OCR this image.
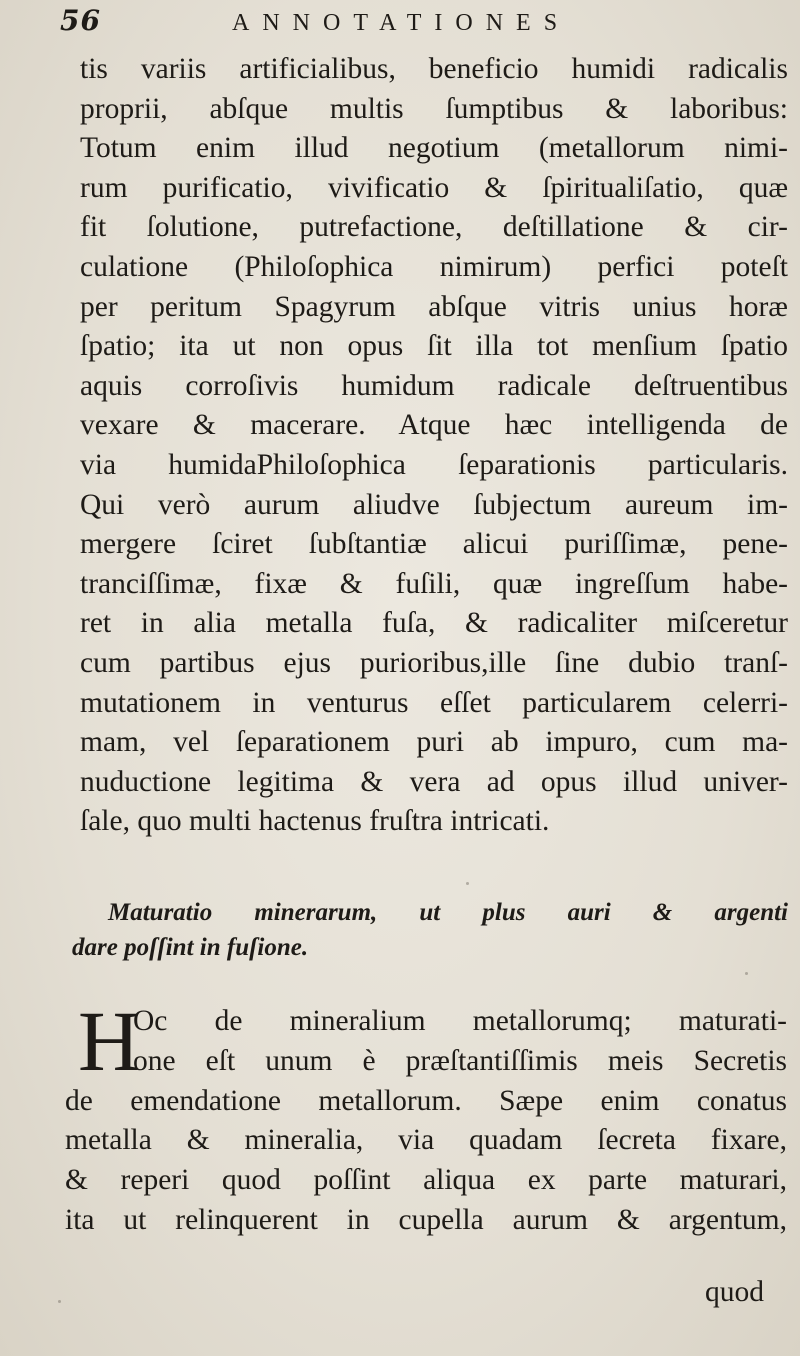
56	ANNOTATIONES
tis variis artificialibus, beneficio humidi radicalis
proprii, abſque multis ſumptibus & laboribus:
Totum enim illud negotium (metallorum nimi-
rum purificatio, vivificatio & ſpiritualiſatio, quæ
fit ſolutione, putrefactione, deſtillatione & cir-
culatione (Philoſophica nimirum) perfici poteſt
per peritum Spagyrum abſque vitris unius horæ
ſpatio; ita ut non opus ſit illa tot menſium ſpatio
aquis corroſivis humidum radicale deſtruentibus
vexare & macerare. Atque hæc intelligenda de
via humidaPhiloſophica ſeparationis particularis.
Qui verò aurum aliudve ſubjectum aureum im-
mergere ſciret ſubſtantiæ alicui puriſſimæ, pene-
tranciſſimæ, fixæ & fuſili, quæ ingreſſum habe-
ret in alia metalla fuſa, & radicaliter miſceretur
cum partibus ejus purioribus,ille ſine dubio tranſ-
mutationem in venturus eſſet particularem celerri-
mam, vel ſeparationem puri ab impuro, cum ma-
nuductione legitima & vera ad opus illud univer-
ſale, quo multi hactenus fruſtra intricati.
Maturatio minerarum, ut plus auri & argenti
dare poſſint in fuſione.
H
Oc de mineralium metallorumq; maturati-
one eſt unum è præſtantiſſimis meis Secretis
de emendatione metallorum. Sæpe enim conatus
metalla & mineralia, via quadam ſecreta fixare,
& reperi quod poſſint aliqua ex parte maturari,
ita ut relinquerent in cupella aurum & argentum,
quod
